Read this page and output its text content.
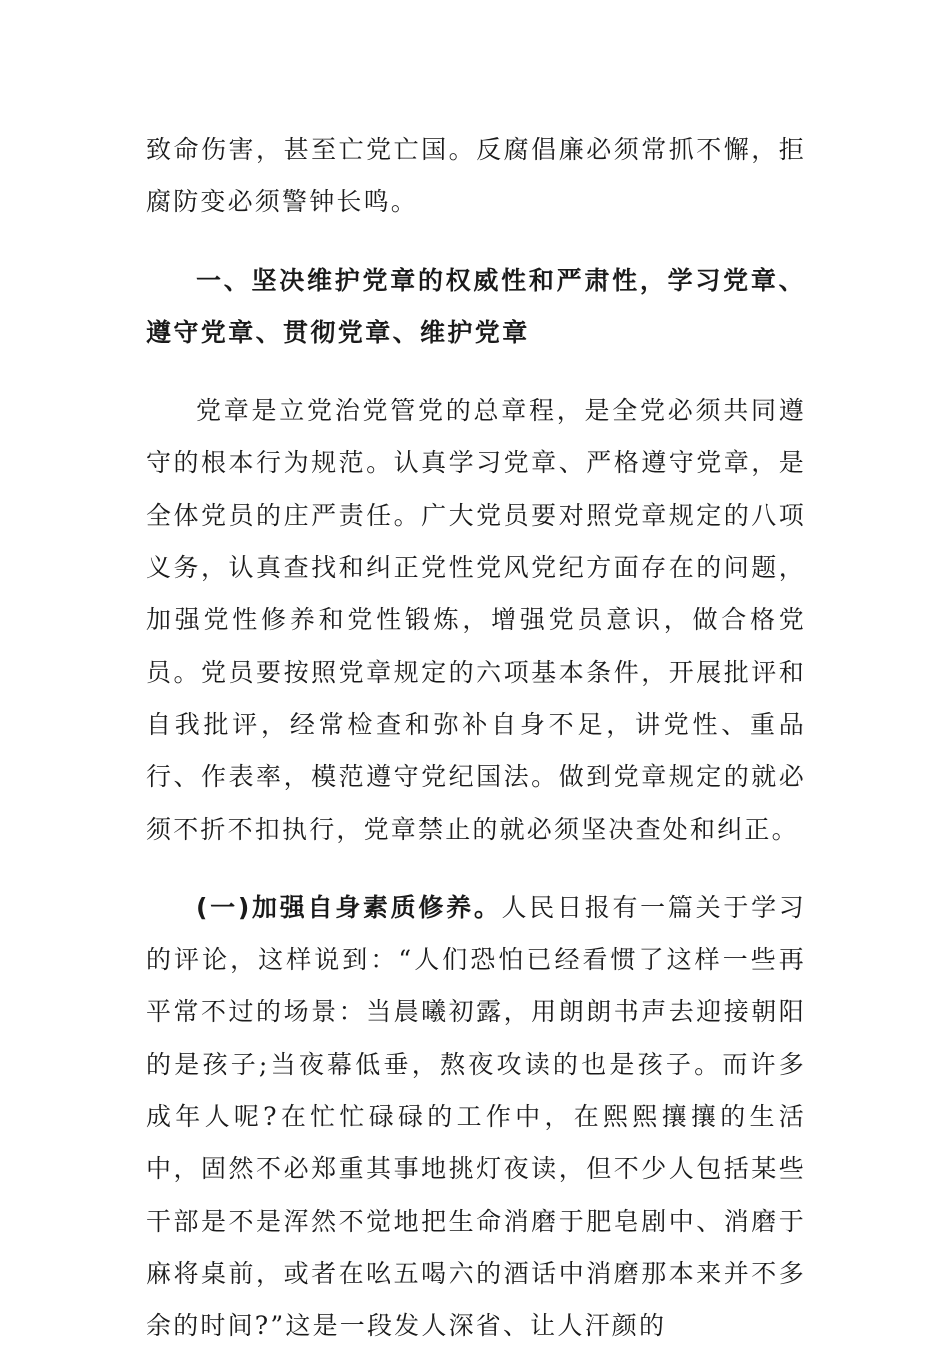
致命伤害，甚至亡党亡国。反腐倡廉必须常抓不懈，拒腐防变必须警钟长鸣。

一、坚决维护党章的权威性和严肃性，学习党章、遵守党章、贯彻党章、维护党章

党章是立党治党管党的总章程，是全党必须共同遵守的根本行为规范。认真学习党章、严格遵守党章，是全体党员的庄严责任。广大党员要对照党章规定的八项义务，认真查找和纠正党性党风党纪方面存在的问题，加强党性修养和党性锻炼，增强党员意识，做合格党员。党员要按照党章规定的六项基本条件，开展批评和自我批评，经常检查和弥补自身不足，讲党性、重品行、作表率，模范遵守党纪国法。做到党章规定的就必须不折不扣执行，党章禁止的就必须坚决查处和纠正。

(一)加强自身素质修养。人民日报有一篇关于学习的评论，这样说到：“人们恐怕已经看惯了这样一些再平常不过的场景：当晨曦初露，用朗朗书声去迎接朝阳的是孩子;当夜幕低垂，熬夜攻读的也是孩子。而许多成年人呢?在忙忙碌碌的工作中，在熙熙攘攘的生活中，固然不必郑重其事地挑灯夜读，但不少人包括某些干部是不是浑然不觉地把生命消磨于肥皂剧中、消磨于麻将桌前，或者在吆五喝六的酒话中消磨那本来并不多余的时间?”这是一段发人深省、让人汗颜的
